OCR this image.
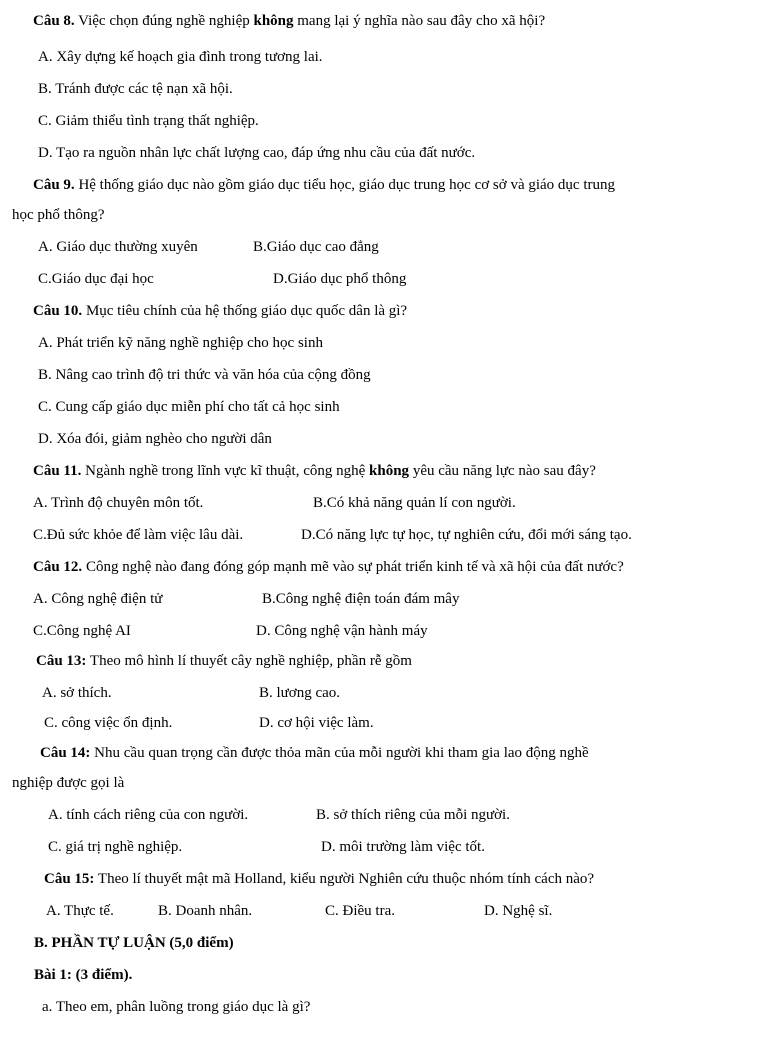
Câu 8. Việc chọn đúng nghề nghiệp không mang lại ý nghĩa nào sau đây cho xã hội?
A. Xây dựng kế hoạch gia đình trong tương lai.
B. Tránh được các tệ nạn xã hội.
C. Giảm thiểu tình trạng thất nghiệp.
D. Tạo ra nguồn nhân lực chất lượng cao, đáp ứng nhu cầu của đất nước.
Câu 9. Hệ thống giáo dục nào gồm giáo dục tiểu học, giáo dục trung học cơ sở và giáo dục trung
học phổ thông?
A. Giáo dục thường xuyên	B.Giáo dục cao đẳng
C.Giáo dục đại học	D.Giáo dục phổ thông
Câu 10. Mục tiêu chính của hệ thống giáo dục quốc dân là gì?
A. Phát triển kỹ năng nghề nghiệp cho học sinh
B. Nâng cao trình độ tri thức và văn hóa của cộng đồng
C. Cung cấp giáo dục miễn phí cho tất cả học sinh
D. Xóa đói, giảm nghèo cho người dân
Câu 11. Ngành nghề trong lĩnh vực kĩ thuật, công nghệ không yêu cầu năng lực nào sau đây?
A. Trình độ chuyên môn tốt.	B.Có khả năng quản lí con người.
C.Đủ sức khỏe để làm việc lâu dài.	D.Có năng lực tự học, tự nghiên cứu, đổi mới sáng tạo.
Câu 12. Công nghệ nào đang đóng góp mạnh mẽ vào sự phát triển kinh tế và xã hội của đất nước?
A. Công nghệ điện tử	B.Công nghệ điện toán đám mây
C.Công nghệ AI	D. Công nghệ vận hành máy
Câu 13: Theo mô hình lí thuyết cây nghề nghiệp, phần rễ gồm
A. sở thích.	B. lương cao.
C. công việc ổn định.	D. cơ hội việc làm.
Câu 14: Nhu cầu quan trọng cần được thỏa mãn của mỗi người khi tham gia lao động nghề
nghiệp được gọi là
A. tính cách riêng của con người.	B. sở thích riêng của mỗi người.
C. giá trị nghề nghiệp.	D. môi trường làm việc tốt.
Câu 15: Theo lí thuyết mật mã Holland, kiểu người Nghiên cứu thuộc nhóm tính cách nào?
A. Thực tế.	B. Doanh nhân.	C. Điều tra.	D. Nghệ sĩ.
B. PHẦN TỰ LUẬN (5,0 điểm)
Bài 1: (3 điểm).
a. Theo em, phân luồng trong giáo dục là gì?
